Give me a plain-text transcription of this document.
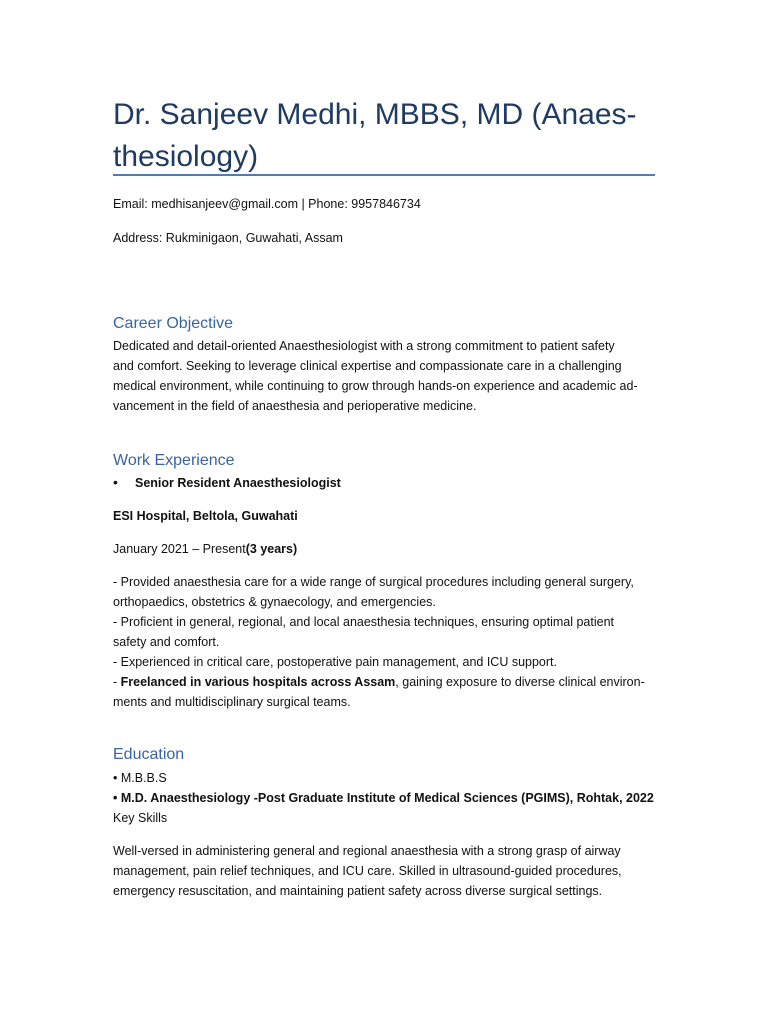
Dr. Sanjeev Medhi, MBBS, MD (Anaes-
thesiology)

Email: medhisanjeev@gmail.com | Phone: 9957846734

Address: Rukminigaon, Guwahati, Assam

Career Objective

Dedicated and detail-oriented Anaesthesiologist with a strong commitment to patient safety

and comfort. Seeking to leverage clinical expertise and compassionate care in a challenging

medical environment, while continuing to grow through hands-on experience and academic ad-

vancement in the field of anaesthesia and perioperative medicine.

Work Experience
• Senior Resident Anaesthesiologist

ESI Hospital, Beltola, Guwahati

January 2021 – Present(3 years)

- Provided anaesthesia care for a wide range of surgical procedures including general surgery,

orthopaedics, obstetrics & gynaecology, and emergencies.

- Proficient in general, regional, and local anaesthesia techniques, ensuring optimal patient

safety and comfort.

- Experienced in critical care, postoperative pain management, and ICU support.

- Freelanced in various hospitals across Assam, gaining exposure to diverse clinical environ-

ments and multidisciplinary surgical teams.

Education

• M.B.B.S

• M.D. Anaesthesiology -Post Graduate Institute of Medical Sciences (PGIMS), Rohtak, 2022

Key Skills

Well-versed in administering general and regional anaesthesia with a strong grasp of airway

management, pain relief techniques, and ICU care. Skilled in ultrasound-guided procedures,

emergency resuscitation, and maintaining patient safety across diverse surgical settings.
